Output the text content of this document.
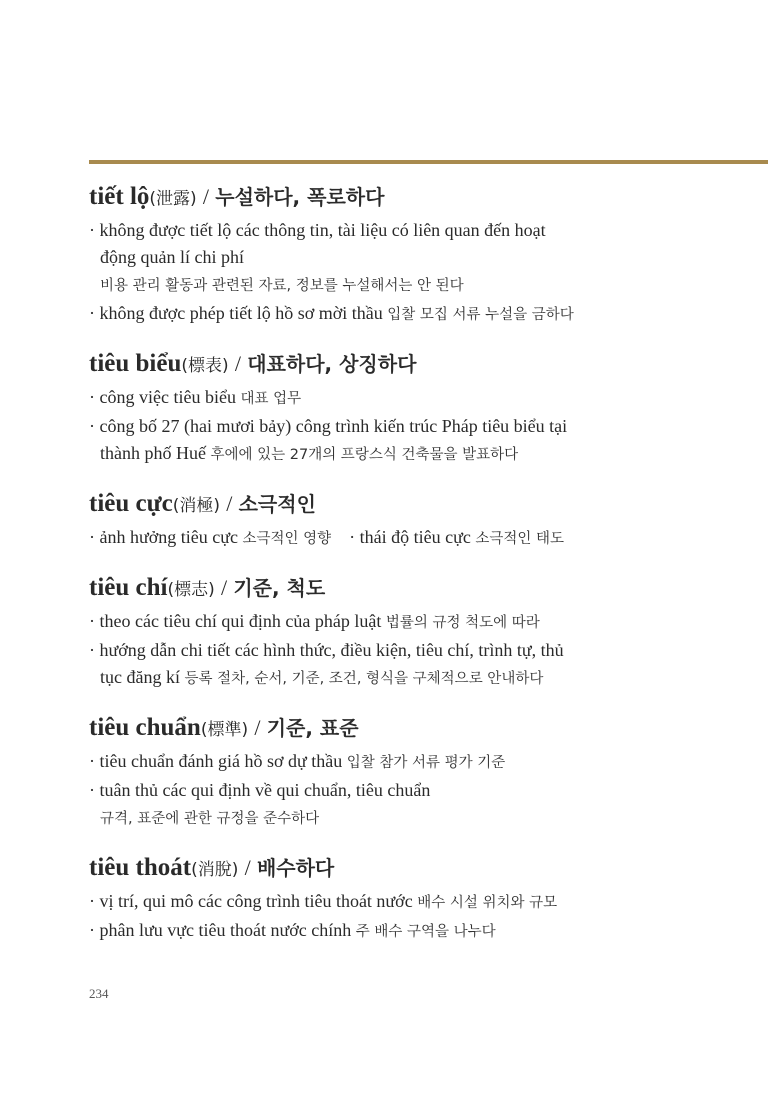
tiết lộ(泄露) / 누설하다, 폭로하다

· không được tiết lộ các thông tin, tài liệu có liên quan đến hoạt

động quản lí chi phí

비용 관리 활동과 관련된 자료, 정보를 누설해서는 안 된다

· không được phép tiết lộ hồ sơ mời thầu 입찰 모집 서류 누설을 금하다

tiêu biểu(標表) / 대표하다, 상징하다

· công việc tiêu biểu 대표 업무

· công bố 27 (hai mươi bảy) công trình kiến trúc Pháp tiêu biểu tại

thành phố Huế 후에에 있는 27개의 프랑스식 건축물을 발표하다

tiêu cực(消極) / 소극적인

· ảnh hưởng tiêu cực 소극적인 영향 · thái độ tiêu cực 소극적인 태도

tiêu chí(標志) / 기준, 척도

· theo các tiêu chí qui định của pháp luật 법률의 규정 척도에 따라

· hướng dẫn chi tiết các hình thức, điều kiện, tiêu chí, trình tự, thủ

tục đăng kí 등록 절차, 순서, 기준, 조건, 형식을 구체적으로 안내하다

tiêu chuẩn(標準) / 기준, 표준

· tiêu chuẩn đánh giá hồ sơ dự thầu 입찰 참가 서류 평가 기준

· tuân thủ các qui định về qui chuẩn, tiêu chuẩn

규격, 표준에 관한 규정을 준수하다

tiêu thoát(消脫) / 배수하다

· vị trí, qui mô các công trình tiêu thoát nước 배수 시설 위치와 규모

· phân lưu vực tiêu thoát nước chính 주 배수 구역을 나누다

234
